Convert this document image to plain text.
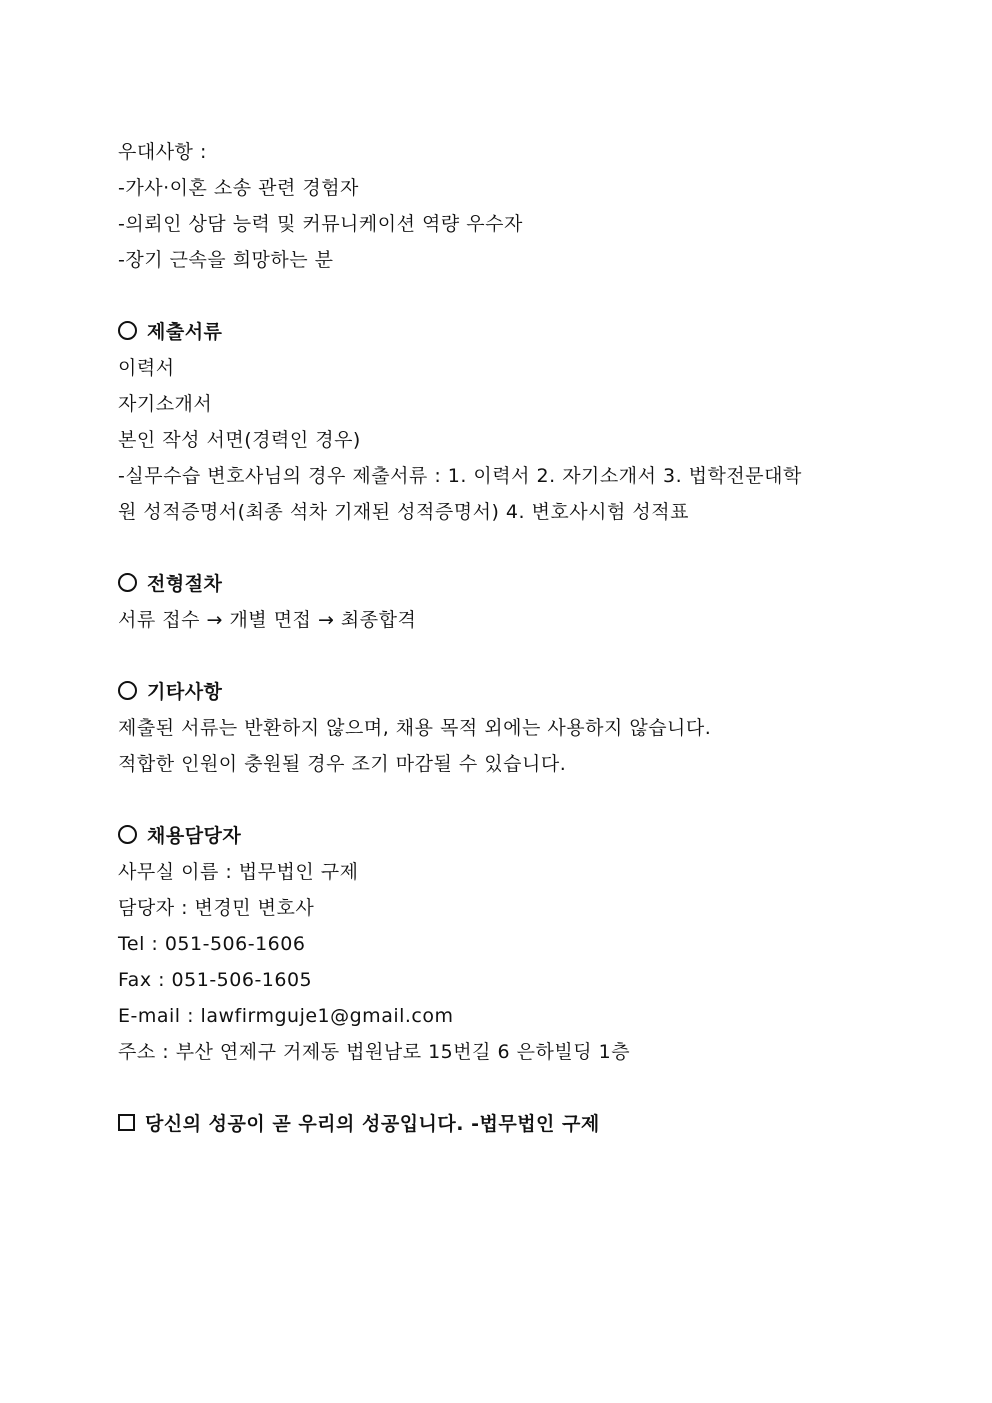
우대사항 :
-가사·이혼 소송 관련 경험자
-의뢰인 상담 능력 및 커뮤니케이션 역량 우수자
-장기 근속을 희망하는 분
제출서류
이력서
자기소개서
본인 작성 서면(경력인 경우)
-실무수습 변호사님의 경우 제출서류 : 1. 이력서 2. 자기소개서 3. 법학전문대학
원 성적증명서(최종 석차 기재된 성적증명서) 4. 변호사시험 성적표
전형절차
서류 접수 → 개별 면접 → 최종합격
기타사항
제출된 서류는 반환하지 않으며, 채용 목적 외에는 사용하지 않습니다.
적합한 인원이 충원될 경우 조기 마감될 수 있습니다.
채용담당자
사무실 이름 : 법무법인 구제
담당자 : 변경민 변호사
Tel : 051-506-1606
Fax : 051-506-1605
E-mail : lawfirmguje1@gmail.com
주소 : 부산 연제구 거제동 법원남로 15번길 6 은하빌딩 1층
당신의 성공이 곧 우리의 성공입니다. -법무법인 구제
